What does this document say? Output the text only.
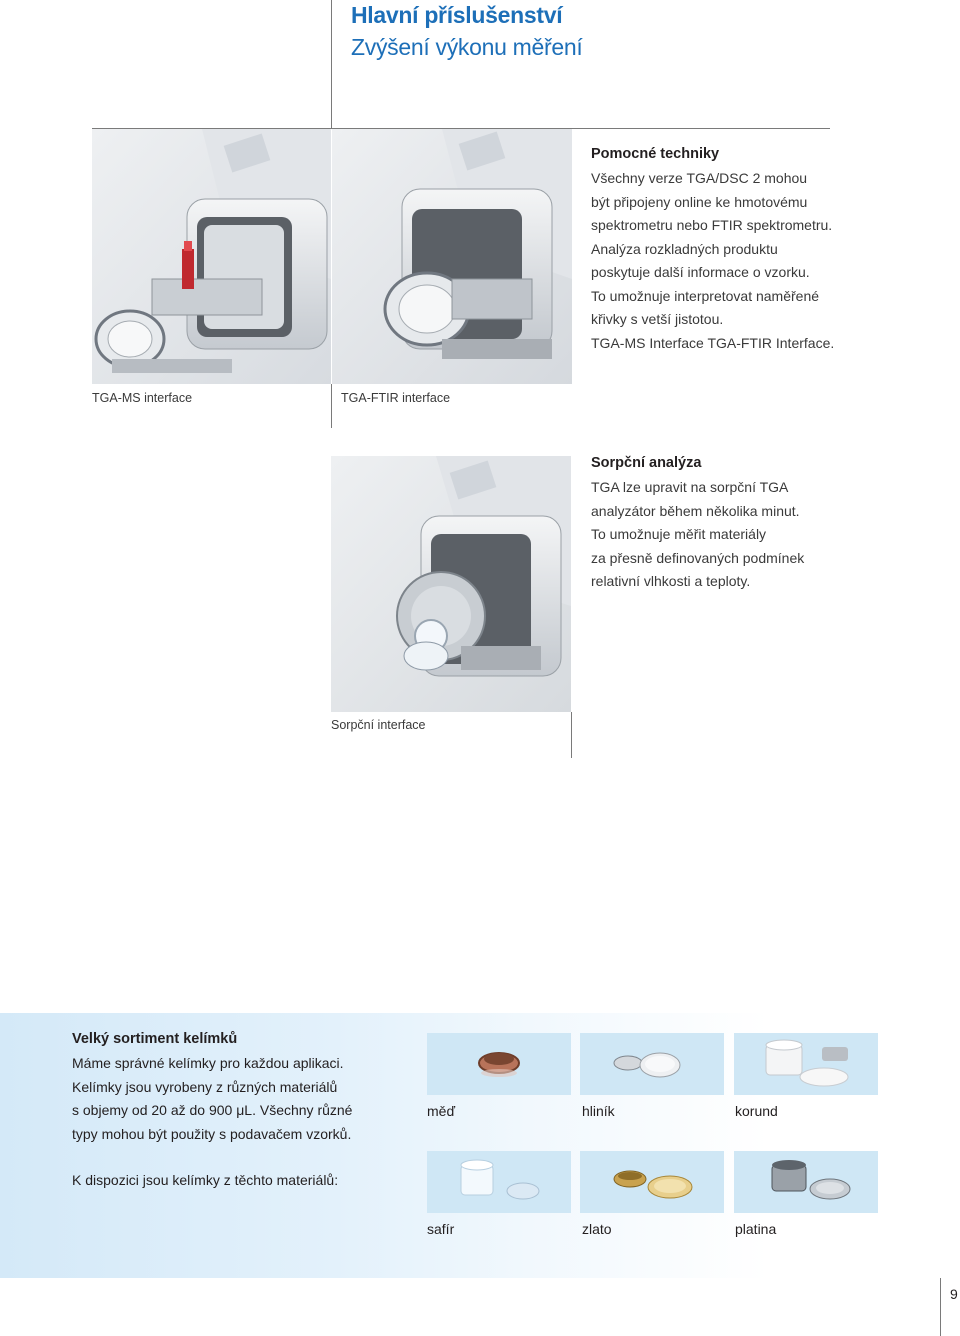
Hlavní příslušenství
Zvýšení výkonu měření
Pomocné techniky
Všechny verze TGA/DSC 2 mohou
být připojeny online ke hmotovému
spektrometru nebo FTIR spektrometru.
Analýza rozkladných produktu
poskytuje další informace o vzorku.
To umožnuje interpretovat naměřené
křivky s vetší jistotou.
TGA-MS Interface TGA-FTIR Interface.
TGA-MS interface	TGA-FTIR interface
Sorpční analýza
TGA lze upravit na sorpční TGA
analyzátor během několika minut.
To umožnuje měřit materiály
za přesně definovaných podmínek
relativní vlhkosti a teploty.
Sorpční interface
Velký sortiment kelímků
Máme správné kelímky pro každou aplikaci.
Kelímky jsou vyrobeny z různých materiálů
s objemy od 20 až do 900 μL. Všechny různé
typy mohou být použity s podavačem vzorků.
K dispozici jsou kelímky z těchto materiálů:
měď	hliník	korund
safír	zlato	platina
9
